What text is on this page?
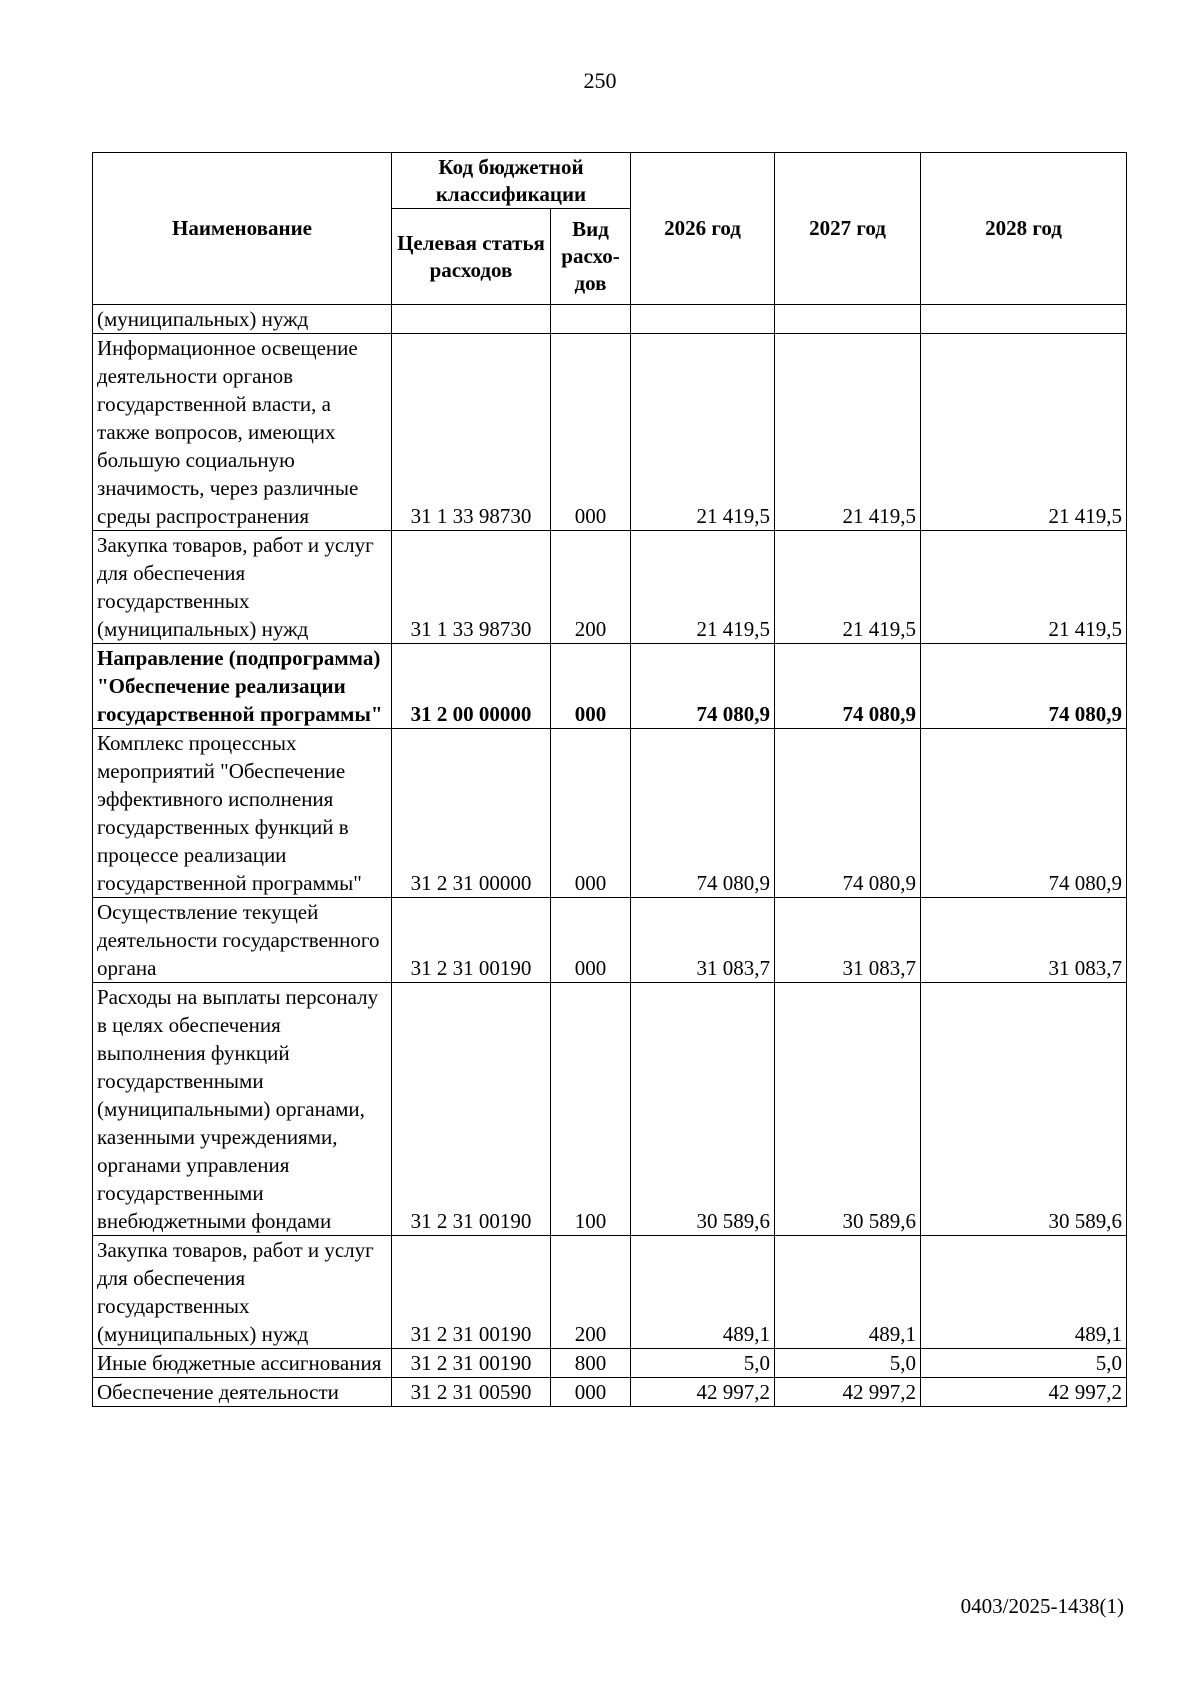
250
Наименование	Код бюджетной классификации		2026 год	2027 год	2028 год
	Целевая статья расходов	Вид расхо-дов			
(муниципальных) нужд					
Информационное освещение деятельности органов государственной власти, а также вопросов, имеющих большую социальную значимость, через различные среды распространения	31 1 33 98730	000	21 419,5	21 419,5	21 419,5
Закупка товаров, работ и услуг для обеспечения государственных (муниципальных) нужд	31 1 33 98730	200	21 419,5	21 419,5	21 419,5
Направление (подпрограмма) "Обеспечение реализации государственной программы"	31 2 00 00000	000	74 080,9	74 080,9	74 080,9
Комплекс процессных мероприятий "Обеспечение эффективного исполнения государственных функций в процессе реализации государственной программы"	31 2 31 00000	000	74 080,9	74 080,9	74 080,9
Осуществление текущей деятельности государственного органа	31 2 31 00190	000	31 083,7	31 083,7	31 083,7
Расходы на выплаты персоналу в целях обеспечения выполнения функций государственными (муниципальными) органами, казенными учреждениями, органами управления государственными внебюджетными фондами	31 2 31 00190	100	30 589,6	30 589,6	30 589,6
Закупка товаров, работ и услуг для обеспечения государственных (муниципальных) нужд	31 2 31 00190	200	489,1	489,1	489,1
Иные бюджетные ассигнования	31 2 31 00190	800	5,0	5,0	5,0
Обеспечение деятельности	31 2 31 00590	000	42 997,2	42 997,2	42 997,2
0403/2025-1438(1)
